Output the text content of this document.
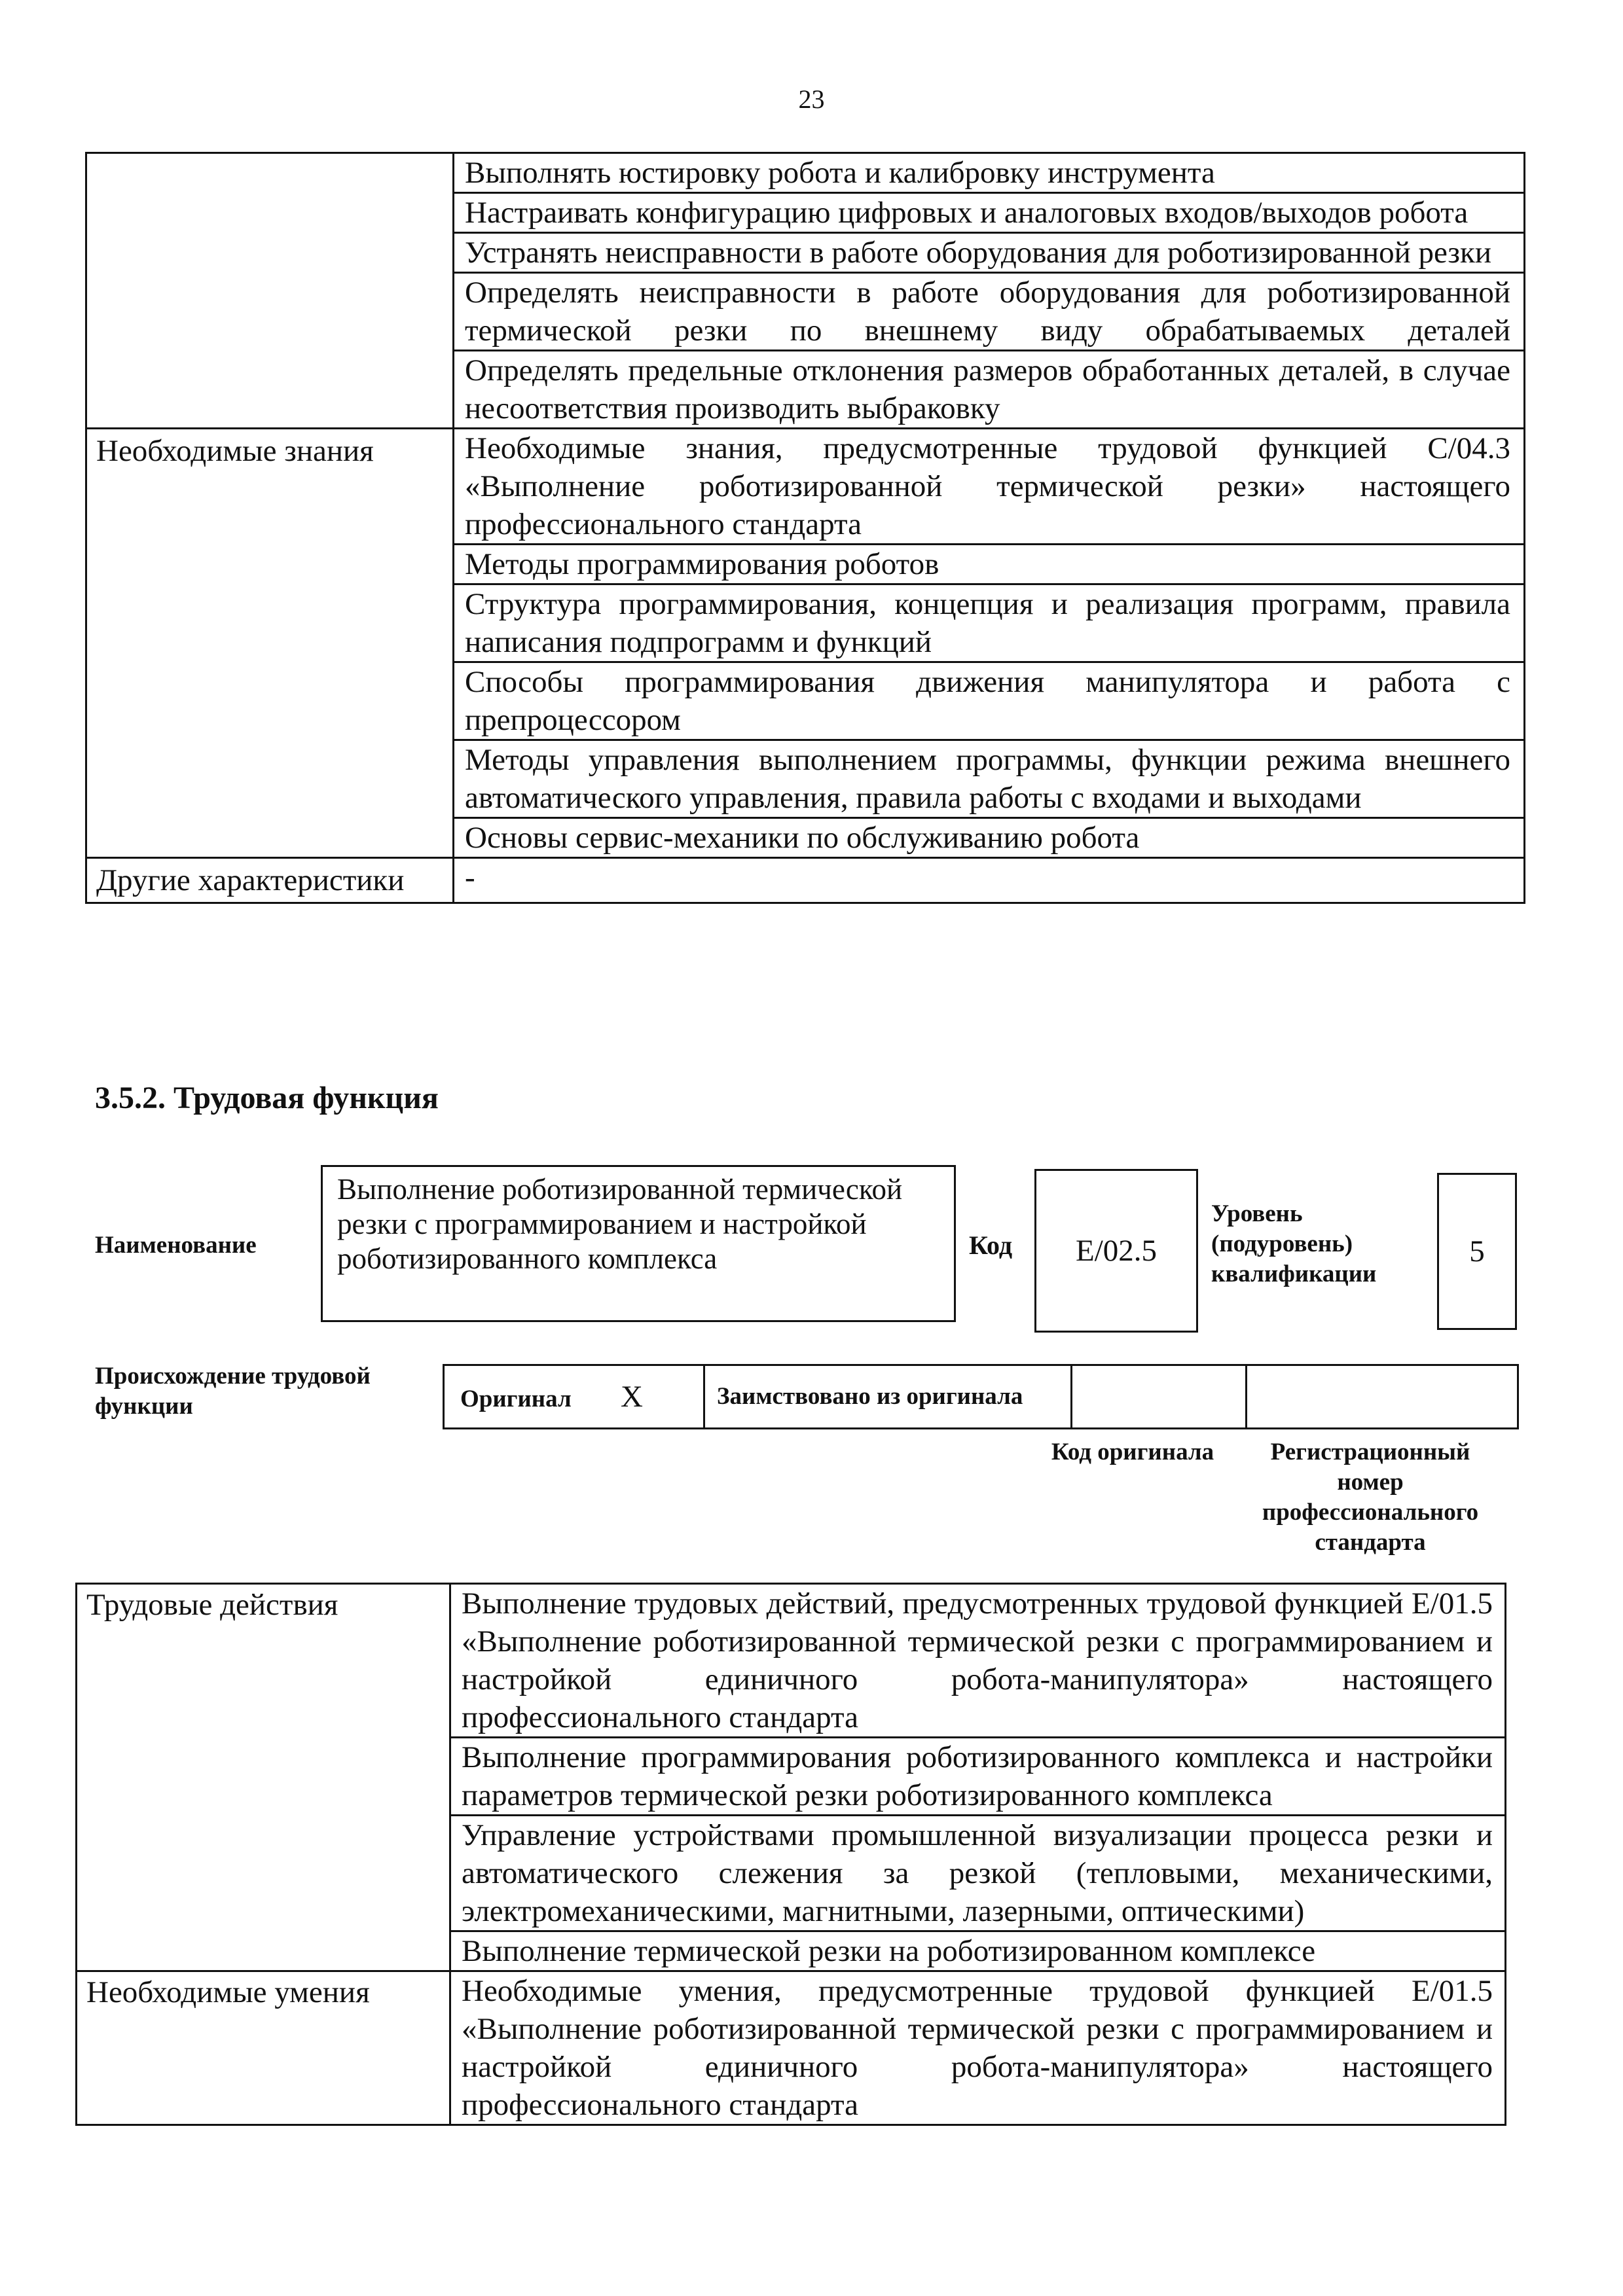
23
	Выполнять юстировку робота и калибровку инструмента
	Настраивать конфигурацию цифровых и аналоговых входов/выходов робота
	Устранять неисправности в работе оборудования для роботизированной резки
	Определять неисправности в работе оборудования для роботизированной термической резки по внешнему виду обрабатываемых деталей
	Определять предельные отклонения размеров обработанных деталей, в случае несоответствия производить выбраковку
Необходимые знания	Необходимые знания, предусмотренные трудовой функцией С/04.3 «Выполнение роботизированной термической резки» настоящего профессионального стандарта
	Методы программирования роботов
	Структура программирования, концепция и реализация программ, правила написания подпрограмм и функций
	Способы программирования движения манипулятора и работа с препроцессором
	Методы управления выполнением программы, функции режима внешнего автоматического управления, правила работы с входами и выходами
	Основы сервис-механики по обслуживанию робота
Другие характеристики	-
3.5.2. Трудовая функция
Наименование
Выполнение роботизированной термической резки с программированием и настройкой роботизированного комплекса	Код	E/02.5
Уровень (подуровень) квалификации
5
Происхождение трудовой функции	Оригинал X	Заимствовано из оригинала		
Код оригинала	Регистрационный номер профессионального стандарта
Трудовые действия	Выполнение трудовых действий, предусмотренных трудовой функцией E/01.5 «Выполнение роботизированной термической резки с программированием и настройкой единичного робота-манипулятора» настоящего профессионального стандарта
	Выполнение программирования роботизированного комплекса и настройки параметров термической резки роботизированного комплекса
	Управление устройствами промышленной визуализации процесса резки и автоматического слежения за резкой (тепловыми, механическими, электромеханическими, магнитными, лазерными, оптическими)
	Выполнение термической резки на роботизированном комплексе
Необходимые умения	Необходимые умения, предусмотренные трудовой функцией E/01.5 «Выполнение роботизированной термической резки с программированием и настройкой единичного робота-манипулятора» настоящего профессионального стандарта
